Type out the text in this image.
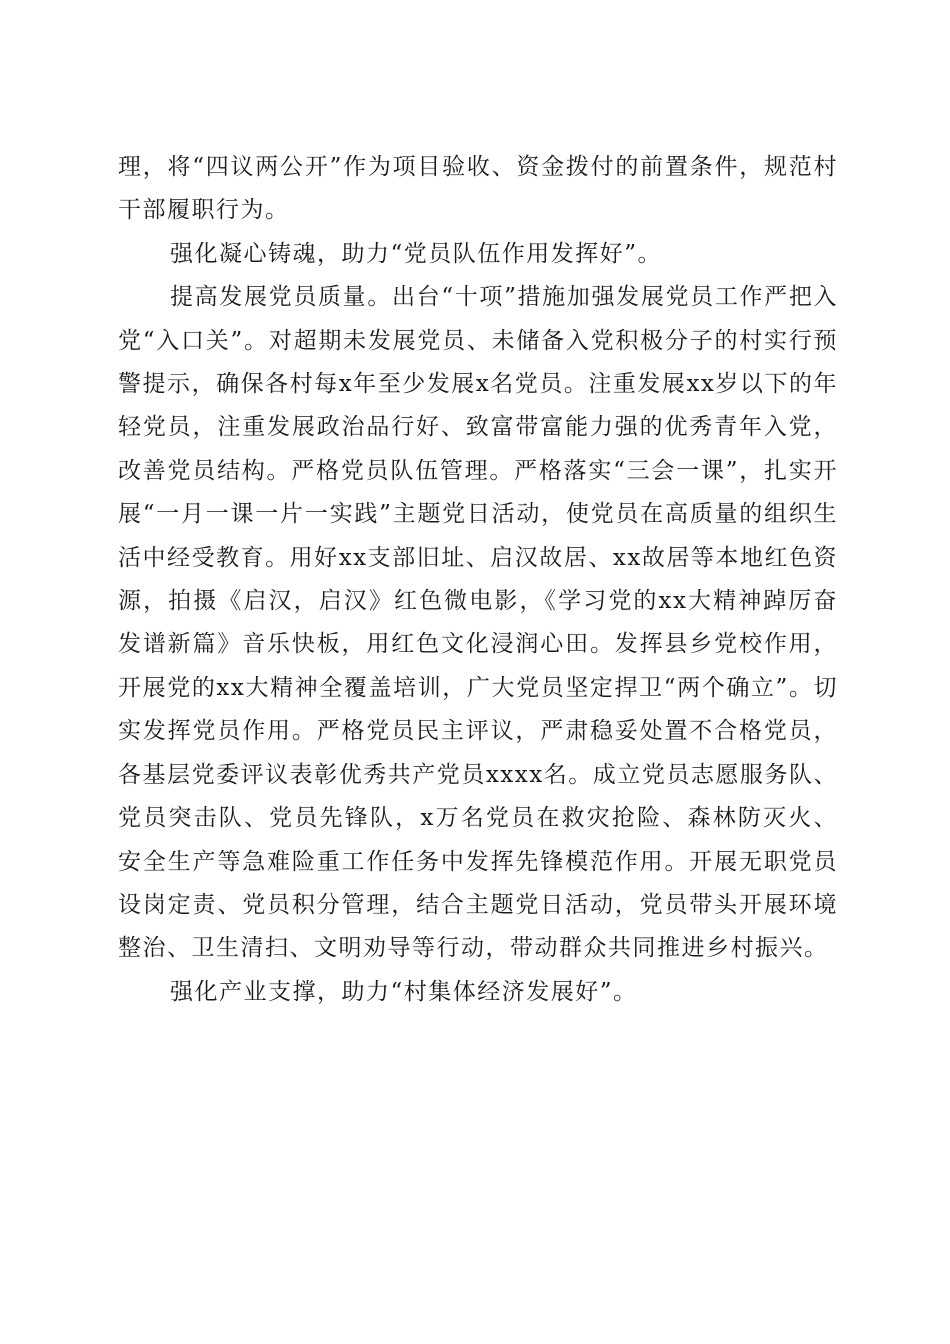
理，将“四议两公开”作为项目验收、资金拨付的前置条件，规范村干部履职行为。

强化凝心铸魂，助力“党员队伍作用发挥好”。

提高发展党员质量。出台“十项”措施加强发展党员工作严把入党“入口关”。对超期未发展党员、未储备入党积极分子的村实行预警提示，确保各村每x年至少发展x名党员。注重发展xx岁以下的年轻党员，注重发展政治品行好、致富带富能力强的优秀青年入党，改善党员结构。严格党员队伍管理。严格落实“三会一课”，扎实开展“一月一课一片一实践”主题党日活动，使党员在高质量的组织生活中经受教育。用好xx支部旧址、启汉故居、xx故居等本地红色资源，拍摄《启汉，启汉》红色微电影，《学习党的xx大精神踔厉奋发谱新篇》音乐快板，用红色文化浸润心田。发挥县乡党校作用，开展党的xx大精神全覆盖培训，广大党员坚定捍卫“两个确立”。切实发挥党员作用。严格党员民主评议，严肃稳妥处置不合格党员，各基层党委评议表彰优秀共产党员xxxx名。成立党员志愿服务队、党员突击队、党员先锋队，x万名党员在救灾抢险、森林防灭火、安全生产等急难险重工作任务中发挥先锋模范作用。开展无职党员设岗定责、党员积分管理，结合主题党日活动，党员带头开展环境整治、卫生清扫、文明劝导等行动，带动群众共同推进乡村振兴。

强化产业支撑，助力“村集体经济发展好”。
